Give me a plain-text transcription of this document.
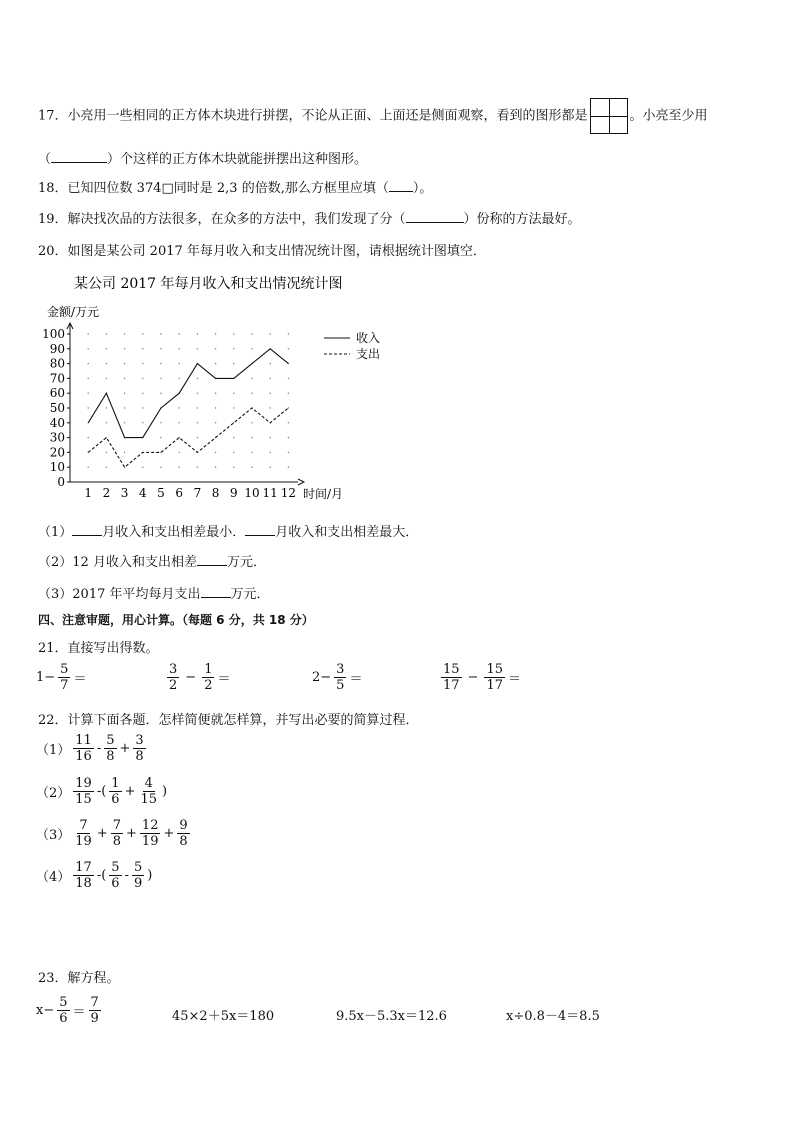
17．小亮用一些相同的正方体木块进行拼摆，不论从正面、上面还是侧面观察，看到的图形都是	。小亮至少用
（	）个这样的正方体木块就能拼摆出这种图形。
18．已知四位数 374□同时是 2,3 的倍数,那么方框里应填（ ）。
19．解决找次品的方法很多，在众多的方法中，我们发现了分（	）份称的方法最好。
20．如图是某公司 2017 年每月收入和支出情况统计图，请根据统计图填空．
0
10
20
30
40
50
60
70
80
90
100
1 2 3 4 5 6 7 8 9 10 11 12
收入
支出
某公司 2017 年每月收入和支出情况统计图
金额/万元
时间/月
（1） 月收入和支出相差最小． 月收入和支出相差最大．
（2）12 月收入和支出相差 万元．
（3）2017 年平均每月支出 万元．
四、注意审题，用心计算。（每题 6 分，共 18 分）
21．直接写出得数。
$1- \frac{5}{7}$ ＝	$\frac{3}{2} - \frac{1}{2}$ ＝	$2- \frac{3}{5}$ ＝	$\frac{15}{17} - \frac{15}{17}$ ＝
22．计算下面各题．怎样简便就怎样算，并写出必要的简算过程．
$(1) \frac{11}{16} - \frac{5}{8} + \frac{3}{8}$
$(2) \frac{19}{15}$ -( $\frac{1}{6} + \frac{4}{15}$ )
$(3) \frac{7}{19} + \frac{7}{8} + \frac{12}{19} + \frac{9}{8}$
$(4) \frac{17}{18}$ -( $\frac{5}{6} - \frac{5}{9}$ )
23．解方程。
$x- \frac{5}{6} = \frac{7}{9}$	45×2＋5x＝180	9.5x－5.3x＝12.6	x÷0.8－4＝8.5
